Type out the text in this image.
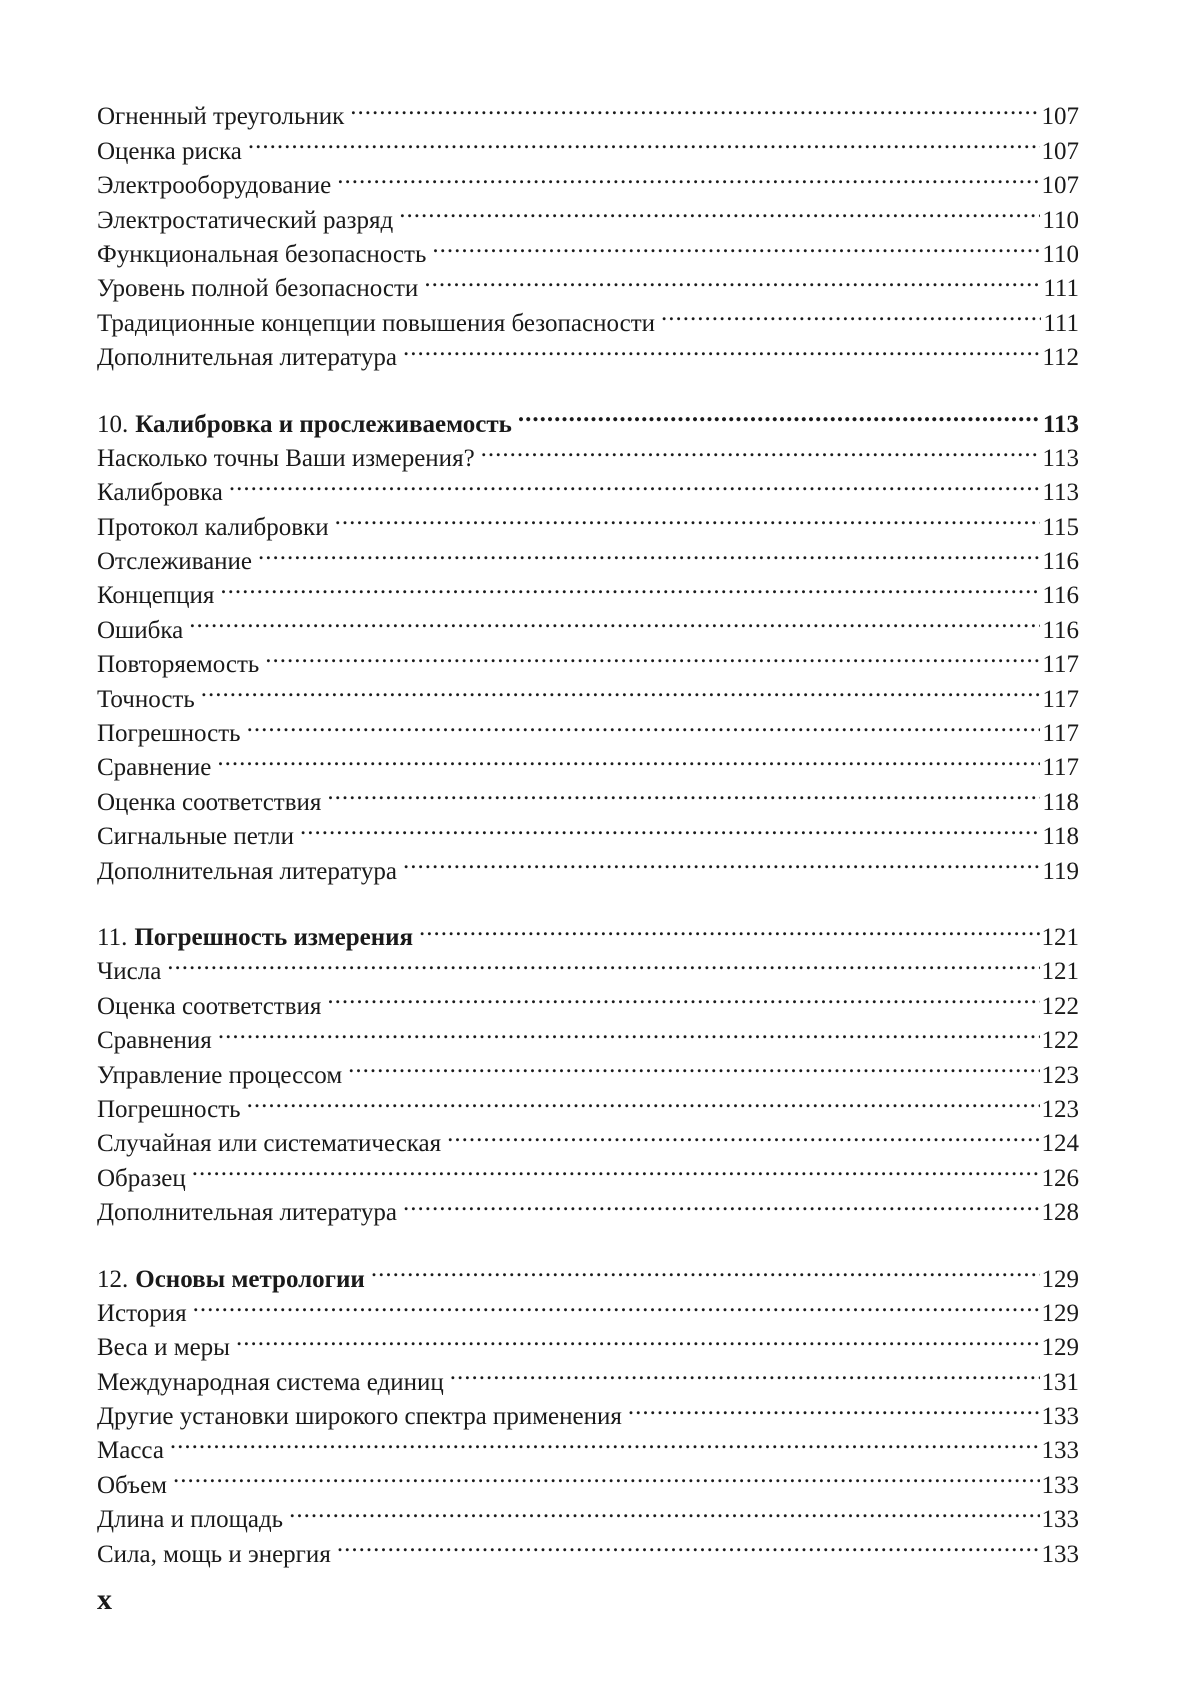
Огненный треугольник
.....	107
Оценка риска
.....	107
Электрооборудование
.....	107
Электростатический разряд
.....	110
Функциональная безопасность
.....	110
Уровень полной безопасности
.....	111
Традиционные концепции повышения безопасности
.....	111
Дополнительная литература
.....	112
10. Калибровка и прослеживаемость
.....	113
Насколько точны Ваши измерения?
.....	113
Калибровка
.....	113
Протокол калибровки
.....	115
Отслеживание
.....	116
Концепция
.....	116
Ошибка
.....	116
Повторяемость
.....	117
Точность
.....	117
Погрешность
.....	117
Сравнение
.....	117
Оценка соответствия
.....	118
Сигнальные петли
.....	118
Дополнительная литература
.....	119
11. Погрешность измерения
.....	121
Числа
.....	121
Оценка соответствия
.....	122
Сравнения
.....	122
Управление процессом
.....	123
Погрешность
.....	123
Случайная или систематическая
.....	124
Образец
.....	126
Дополнительная литература
.....	128
12. Основы метрологии
.....	129
История
.....	129
Веса и меры
.....	129
Международная система единиц
.....	131
Другие установки широкого спектра применения
.....	133
Масса
.....	133
Объем
.....	133
Длина и площадь
.....	133
Сила, мощь и энергия
.....	133
x
